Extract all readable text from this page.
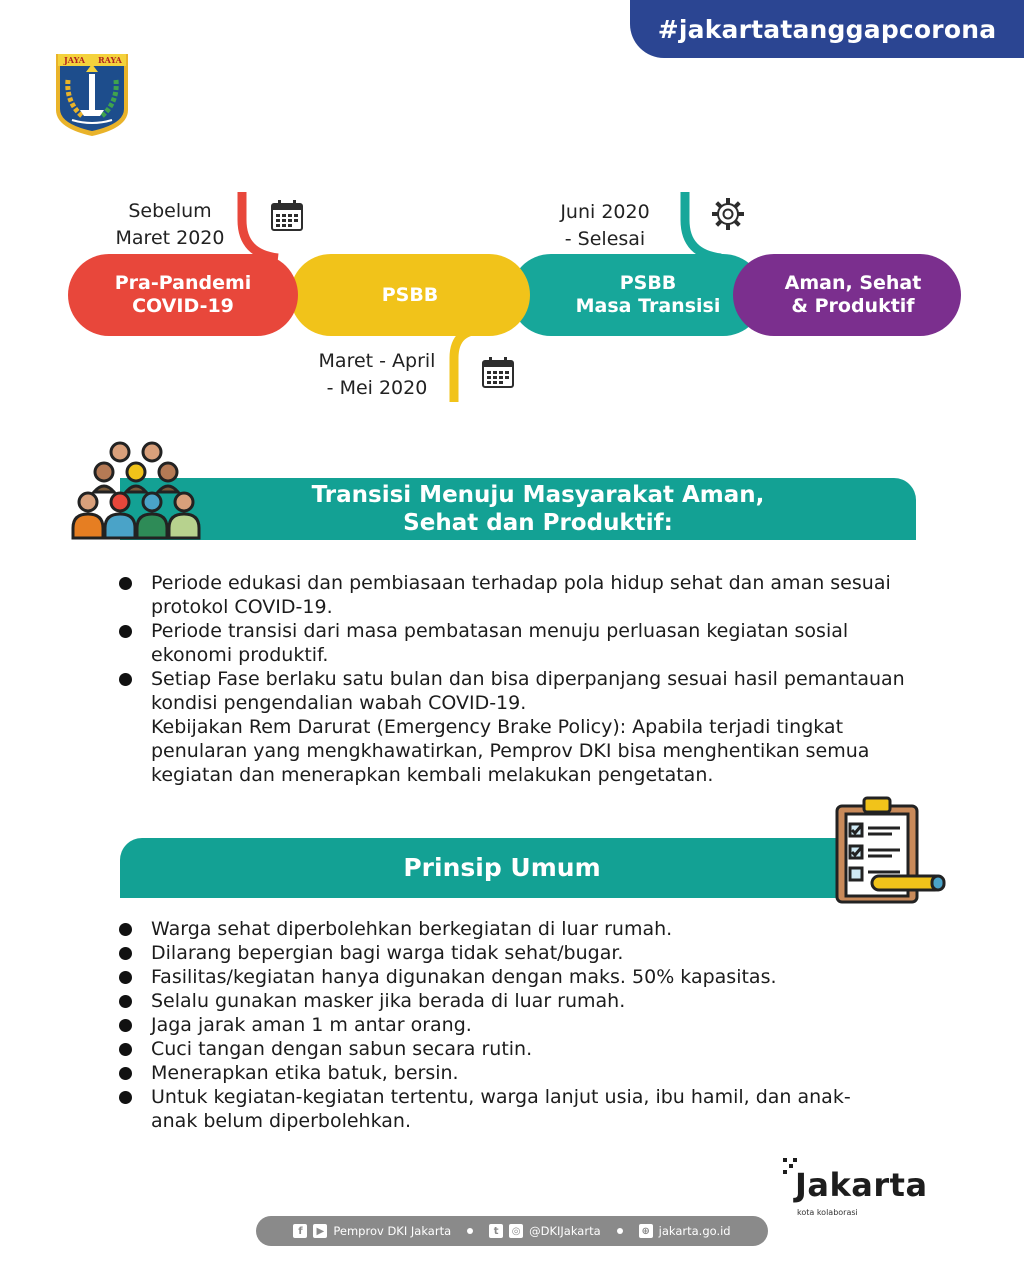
#jakartatanggapcorona
JAYA RAYA
PSBB
Masa Transisi
Aman, Sehat
& Produktif
PSBB
Pra-Pandemi
COVID-19
Sebelum
Maret 2020
Maret - April
- Mei 2020
Juni 2020
- Selesai
Transisi Menuju Masyarakat Aman,
Sehat dan Produktif:
Periode edukasi dan pembiasaan terhadap pola hidup sehat dan aman sesuai protokol COVID-19.
Periode transisi dari masa pembatasan menuju perluasan kegiatan sosial ekonomi produktif.
Setiap Fase berlaku satu bulan dan bisa diperpanjang sesuai hasil pemantauan kondisi pengendalian wabah COVID-19.
Kebijakan Rem Darurat (Emergency Brake Policy): Apabila terjadi tingkat penularan yang mengkhawatirkan, Pemprov DKI bisa menghentikan semua kegiatan dan menerapkan kembali melakukan pengetatan.
Prinsip Umum
Warga sehat diperbolehkan berkegiatan di luar rumah.
Dilarang bepergian bagi warga tidak sehat/bugar.
Fasilitas/kegiatan hanya digunakan dengan maks. 50% kapasitas.
Selalu gunakan masker jika berada di luar rumah.
Jaga jarak aman 1 m antar orang.
Cuci tangan dengan sabun secara rutin.
Menerapkan etika batuk, bersin.
Untuk kegiatan-kegiatan tertentu, warga lanjut usia, ibu hamil, dan anak-anak belum diperbolehkan.
Jakarta
kota kolaborasi
f	▶ Pemprov DKI Jakarta	t	◎ @DKIJakarta	⊕ jakarta.go.id
